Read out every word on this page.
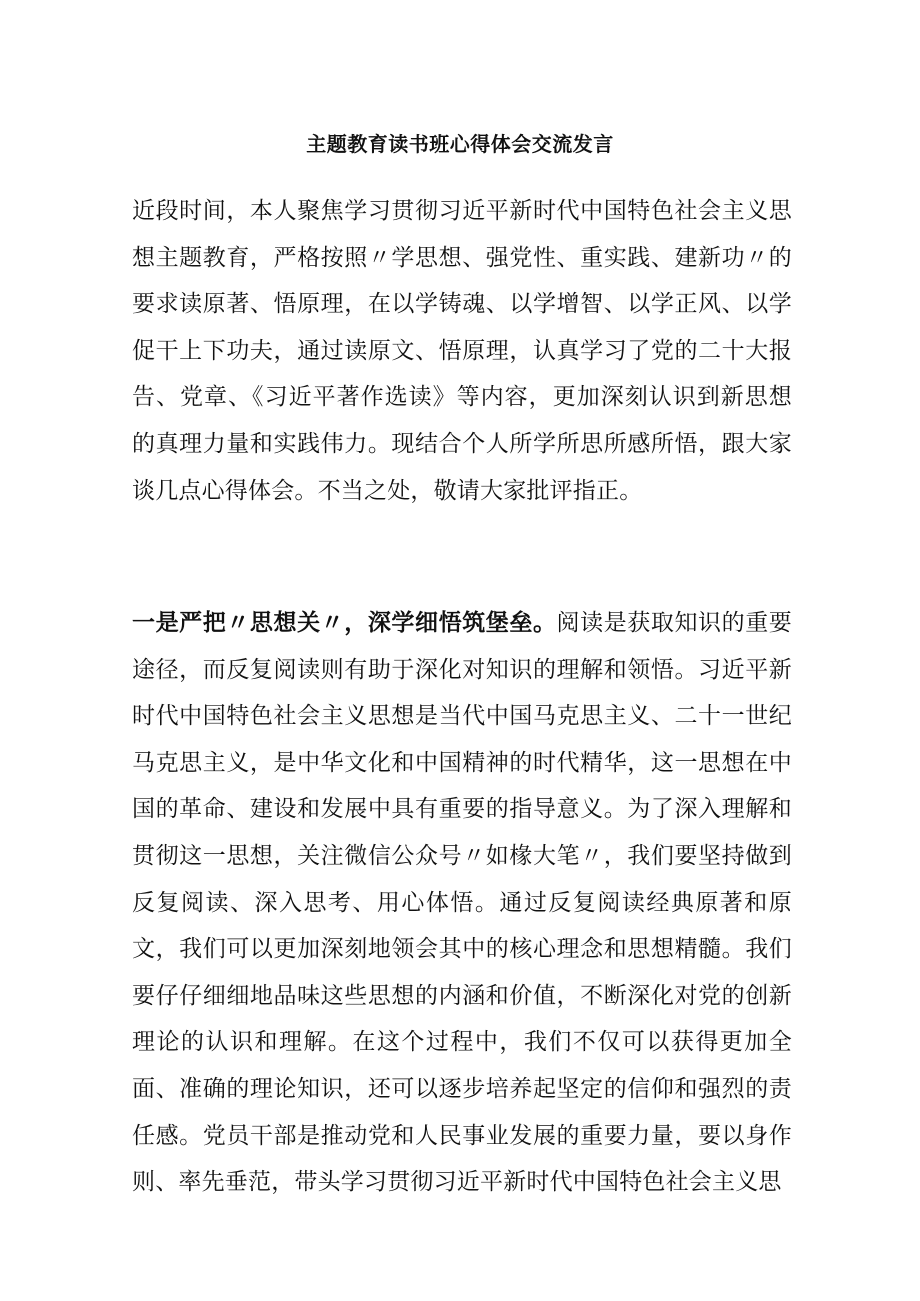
主题教育读书班心得体会交流发言
近段时间，本人聚焦学习贯彻习近平新时代中国特色社会主义思想主题教育，严格按照〃学思想、强党性、重实践、建新功〃的要求读原著、悟原理，在以学铸魂、以学增智、以学正风、以学促干上下功夫，通过读原文、悟原理，认真学习了党的二十大报告、党章、《习近平著作选读》等内容，更加深刻认识到新思想的真理力量和实践伟力。现结合个人所学所思所感所悟，跟大家谈几点心得体会。不当之处，敬请大家批评指正。
一是严把〃思想关〃，深学细悟筑堡垒。阅读是获取知识的重要途径，而反复阅读则有助于深化对知识的理解和领悟。习近平新时代中国特色社会主义思想是当代中国马克思主义、二十一世纪马克思主义，是中华文化和中国精神的时代精华，这一思想在中国的革命、建设和发展中具有重要的指导意义。为了深入理解和贯彻这一思想，关注微信公众号〃如椽大笔〃，我们要坚持做到反复阅读、深入思考、用心体悟。通过反复阅读经典原著和原文，我们可以更加深刻地领会其中的核心理念和思想精髓。我们要仔仔细细地品味这些思想的内涵和价值，不断深化对党的创新理论的认识和理解。在这个过程中，我们不仅可以获得更加全面、准确的理论知识，还可以逐步培养起坚定的信仰和强烈的责任感。党员干部是推动党和人民事业发展的重要力量，要以身作则、率先垂范，带头学习贯彻习近平新时代中国特色社会主义思
